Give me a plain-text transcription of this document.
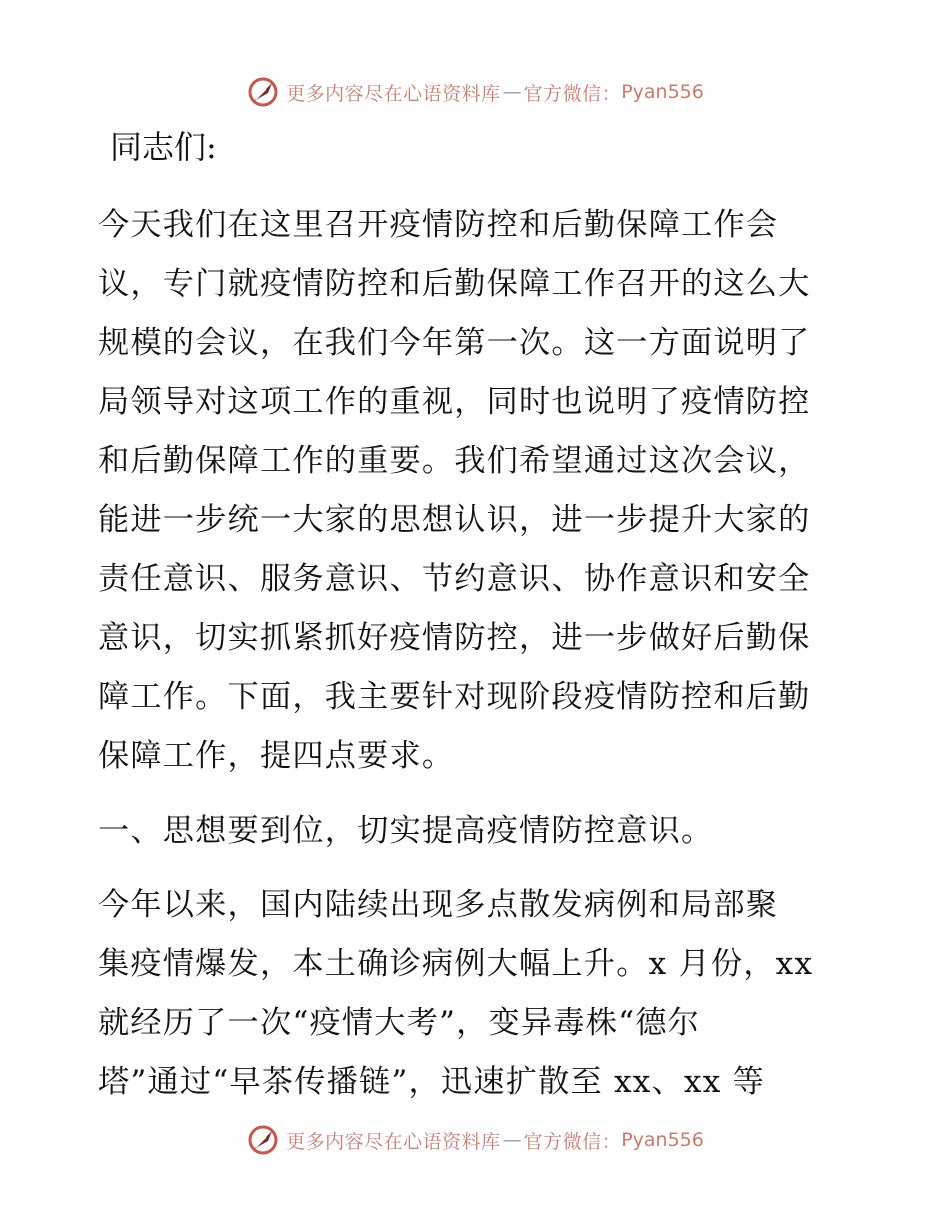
更多内容尽在心语资料库 — 官方微信： Pyan556

同志们:

今天我们在这里召开疫情防控和后勤保障工作会
议，专门就疫情防控和后勤保障工作召开的这么大
规模的会议，在我们今年第一次。这一方面说明了
局领导对这项工作的重视，同时也说明了疫情防控
和后勤保障工作的重要。我们希望通过这次会议，
能进一步统一大家的思想认识，进一步提升大家的
责任意识、服务意识、节约意识、协作意识和安全
意识，切实抓紧抓好疫情防控，进一步做好后勤保
障工作。下面，我主要针对现阶段疫情防控和后勤
保障工作，提四点要求。

一、思想要到位，切实提高疫情防控意识。

今年以来，国内陆续出现多点散发病例和局部聚
集疫情爆发，本土确诊病例大幅上升。x 月份，xx
就经历了一次“疫情大考”，变异毒株“德尔
塔”通过“早茶传播链”，迅速扩散至 xx、xx 等

更多内容尽在心语资料库 — 官方微信： Pyan556
